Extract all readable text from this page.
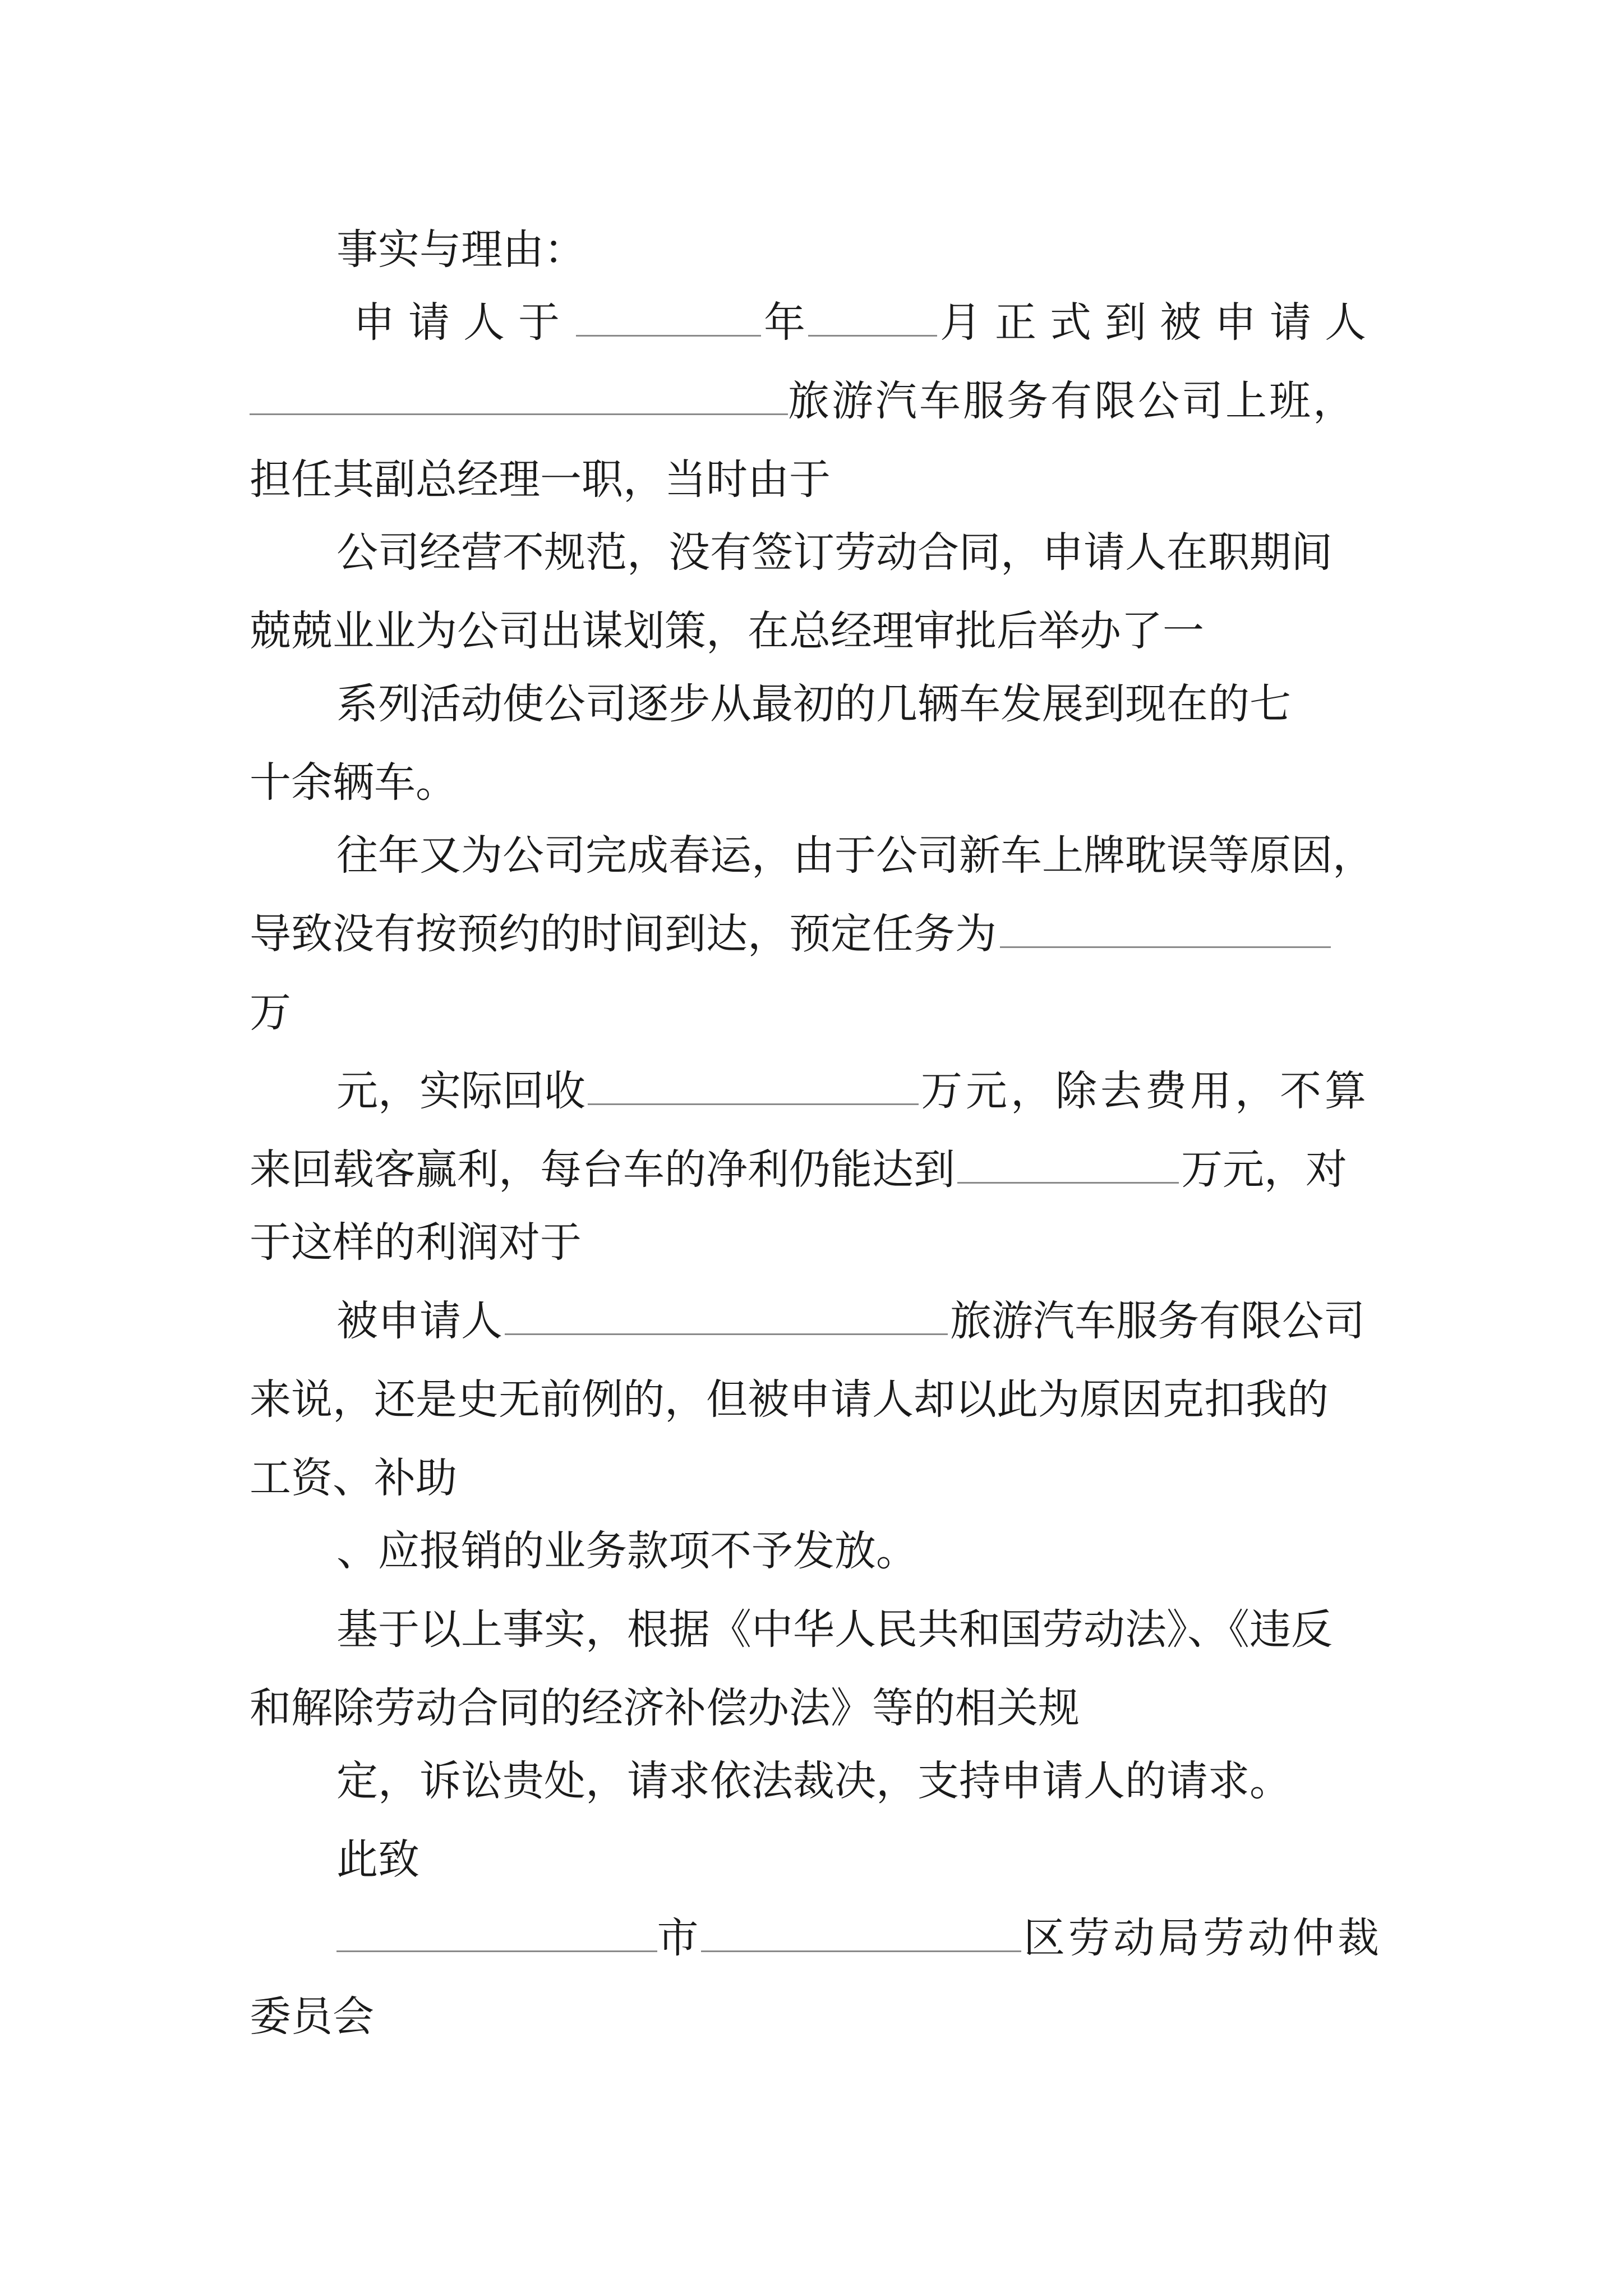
事实与理由：
申请人于	年	月正式到被申请人
旅游汽车服务有限公司上班，
担任其副总经理一职，当时由于
公司经营不规范，没有签订劳动合同，申请人在职期间
兢兢业业为公司出谋划策，在总经理审批后举办了一
系列活动使公司逐步从最初的几辆车发展到现在的七
十余辆车。
往年又为公司完成春运，由于公司新车上牌耽误等原因，
导致没有按预约的时间到达，预定任务为
万
元，实际回收	万元，除去费用，不算
来回载客赢利，每台车的净利仍能达到	万元，对
于这样的利润对于
被申请人	旅游汽车服务有限公司
来说，还是史无前例的，但被申请人却以此为原因克扣我的
工资、补助
、应报销的业务款项不予发放。
基于以上事实，根据《中华人民共和国劳动法》、《违反
和解除劳动合同的经济补偿办法》等的相关规
定，诉讼贵处，请求依法裁决，支持申请人的请求。
此致
市	区劳动局劳动仲裁
委员会
